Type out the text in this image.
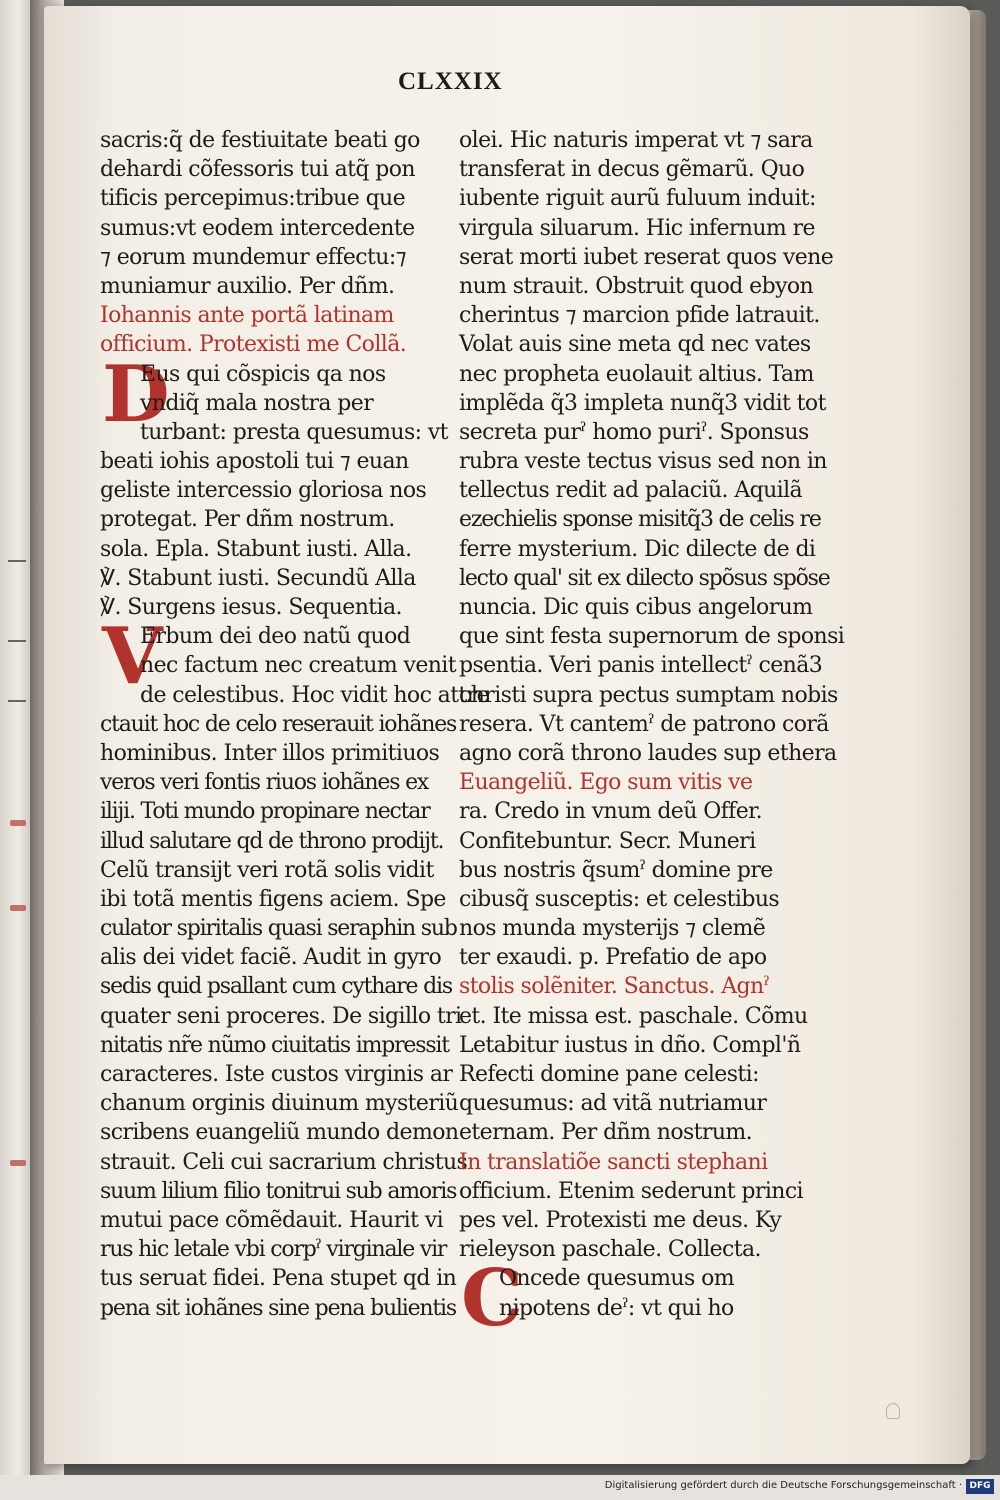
CLXXIX

sacris:q̃ de festiuitate beati go

dehardi cõfessoris tui atq̃ pon

tificis percepimus:tribue que

sumus:vt eodem intercedente

⁊ eorum mundemur effectu:⁊

muniamur auxilio. Per dñm.

Iohannis ante portã latinam

officium. Protexisti me Collã.

D

Eus qui cõspicis qa nos

vndiq̃ mala nostra per

turbant: presta quesumus: vt

beati iohis apostoli tui ⁊ euan

geliste intercessio gloriosa nos

protegat. Per dñm nostrum.

sola. Epla. Stabunt iusti. Alla.

℣. Stabunt iusti. Secundũ Alla

℣. Surgens iesus. Sequentia.

V

Erbum dei deo natũ quod

nec factum nec creatum venit

de celestibus. Hoc vidit hoc attre

ctauit hoc de celo reserauit iohãnes

hominibus. Inter illos primitiuos

veros veri fontis riuos iohãnes ex

iliji. Toti mundo propinare nectar

illud salutare qd de throno prodijt.

Celũ transijt veri rotã solis vidit

ibi totã mentis figens aciem. Spe

culator spiritalis quasi seraphin sub

alis dei videt faciẽ. Audit in gyro

sedis quid psallant cum cythare dis

quater seni proceres. De sigillo tri

nitatis nr̃e nũmo ciuitatis impressit

caracteres. Iste custos virginis ar

chanum orginis diuinum mysteriũ

scribens euangeliũ mundo demon

strauit. Celi cui sacrarium christus

suum lilium filio tonitrui sub amoris

mutui pace cõmẽdauit. Haurit vi

rus hic letale vbi corpˀ virginale vir

tus seruat fidei. Pena stupet qd in

pena sit iohãnes sine pena bulientis

olei. Hic naturis imperat vt ⁊ sara

transferat in decus gẽmarũ. Quo

iubente riguit aurũ fuluum induit:

virgula siluarum. Hic infernum re

serat morti iubet reserat quos vene

num strauit. Obstruit quod ebyon

cherintus ⁊ marcion pfide latrauit.

Volat auis sine meta qd nec vates

nec propheta euolauit altius. Tam

implẽda q̃3 impleta nunq̃3 vidit tot

secreta purˀ homo puriˀ. Sponsus

rubra veste tectus visus sed non in

tellectus redit ad palaciũ. Aquilã

ezechielis sponse misitq̃3 de celis re

ferre mysterium. Dic dilecte de di

lecto qual' sit ex dilecto spõsus spõse

nuncia. Dic quis cibus angelorum

que sint festa supernorum de sponsi

psentia. Veri panis intellectˀ cenã3

christi supra pectus sumptam nobis

resera. Vt cantemˀ de patrono corã

agno corã throno laudes sup ethera

Euangeliũ. Ego sum vitis ve

ra. Credo in vnum deũ Offer.

Confitebuntur. Secr. Muneri

bus nostris q̃sumˀ domine pre

cibusq̃ susceptis: et celestibus

nos munda mysterijs ⁊ clemẽ

ter exaudi. p. Prefatio de apo

stolis solẽniter. Sanctus. Agnˀ

et. Ite missa est. paschale. Cõmu

Letabitur iustus in dño. Compl'ñ

Refecti domine pane celesti:

quesumus: ad vitã nutriamur

eternam. Per dñm nostrum.

In translatiõe sancti stephani

officium. Etenim sederunt princi

pes vel. Protexisti me deus. Ky

rieleyson paschale. Collecta.

C

Oncede quesumus om

nipotens deˀ: vt qui ho

Digitalisierung gefördert durch die Deutsche Forschungsgemeinschaft · DFG
